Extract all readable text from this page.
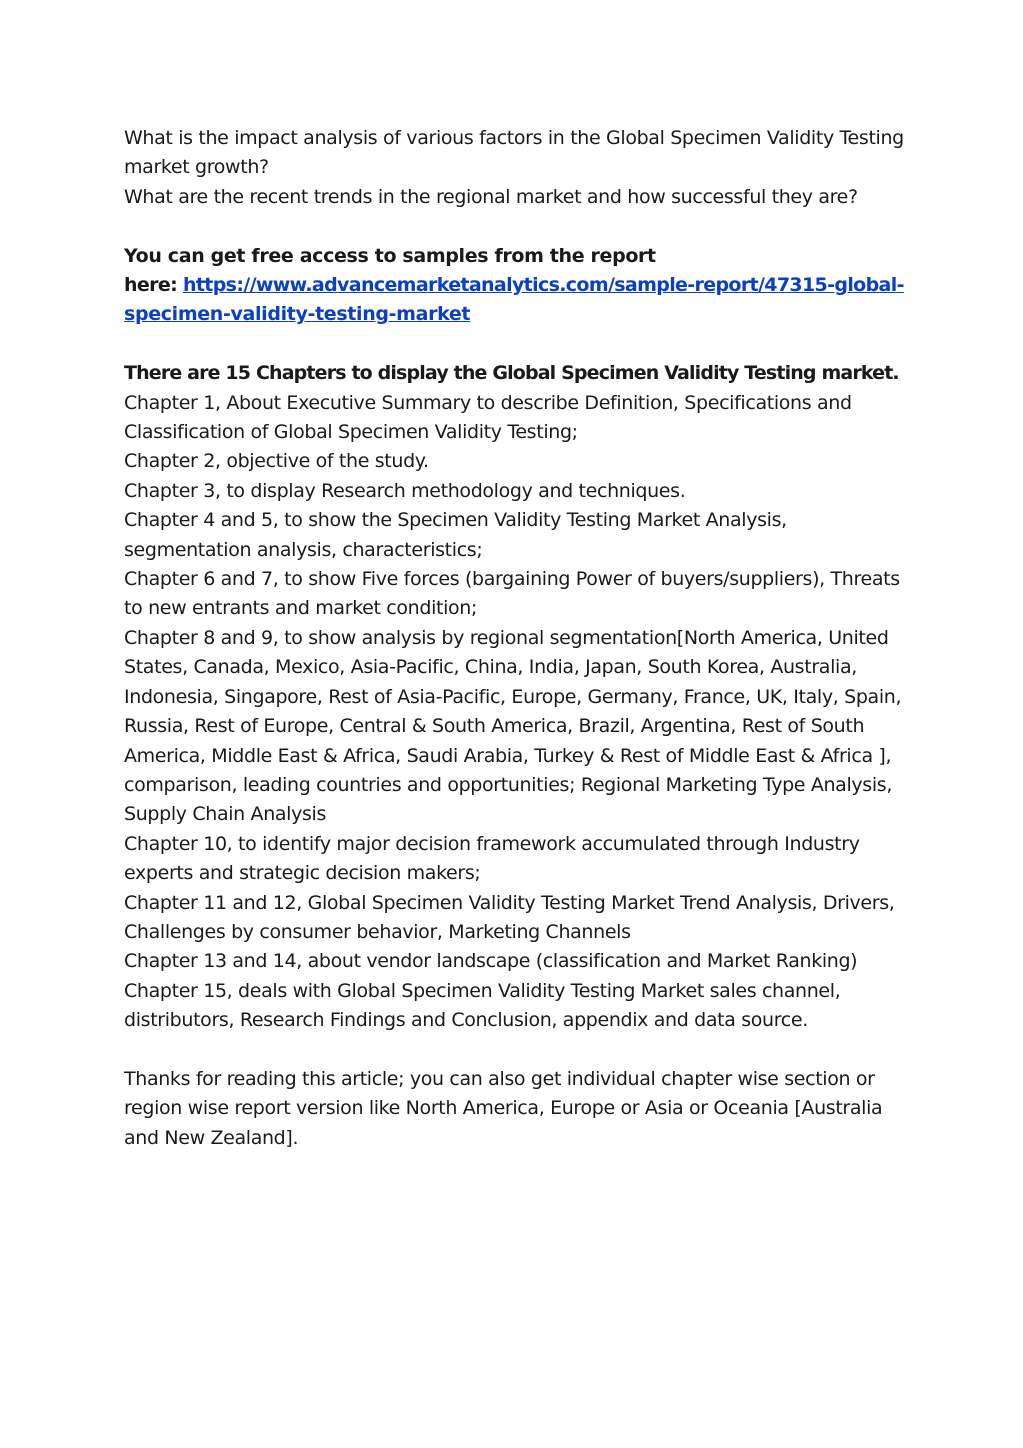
What is the impact analysis of various factors in the Global Specimen Validity Testing
market growth?
What are the recent trends in the regional market and how successful they are?

You can get free access to samples from the report
here: https://www.advancemarketanalytics.com/sample-report/47315-global-
specimen-validity-testing-market

There are 15 Chapters to display the Global Specimen Validity Testing market.
Chapter 1, About Executive Summary to describe Definition, Specifications and
Classification of Global Specimen Validity Testing;
Chapter 2, objective of the study.
Chapter 3, to display Research methodology and techniques.
Chapter 4 and 5, to show the Specimen Validity Testing Market Analysis,
segmentation analysis, characteristics;
Chapter 6 and 7, to show Five forces (bargaining Power of buyers/suppliers), Threats
to new entrants and market condition;
Chapter 8 and 9, to show analysis by regional segmentation[North America, United
States, Canada, Mexico, Asia-Pacific, China, India, Japan, South Korea, Australia,
Indonesia, Singapore, Rest of Asia-Pacific, Europe, Germany, France, UK, Italy, Spain,
Russia, Rest of Europe, Central & South America, Brazil, Argentina, Rest of South
America, Middle East & Africa, Saudi Arabia, Turkey & Rest of Middle East & Africa ],
comparison, leading countries and opportunities; Regional Marketing Type Analysis,
Supply Chain Analysis
Chapter 10, to identify major decision framework accumulated through Industry
experts and strategic decision makers;
Chapter 11 and 12, Global Specimen Validity Testing Market Trend Analysis, Drivers,
Challenges by consumer behavior, Marketing Channels
Chapter 13 and 14, about vendor landscape (classification and Market Ranking)
Chapter 15, deals with Global Specimen Validity Testing Market sales channel,
distributors, Research Findings and Conclusion, appendix and data source.

Thanks for reading this article; you can also get individual chapter wise section or
region wise report version like North America, Europe or Asia or Oceania [Australia
and New Zealand].
